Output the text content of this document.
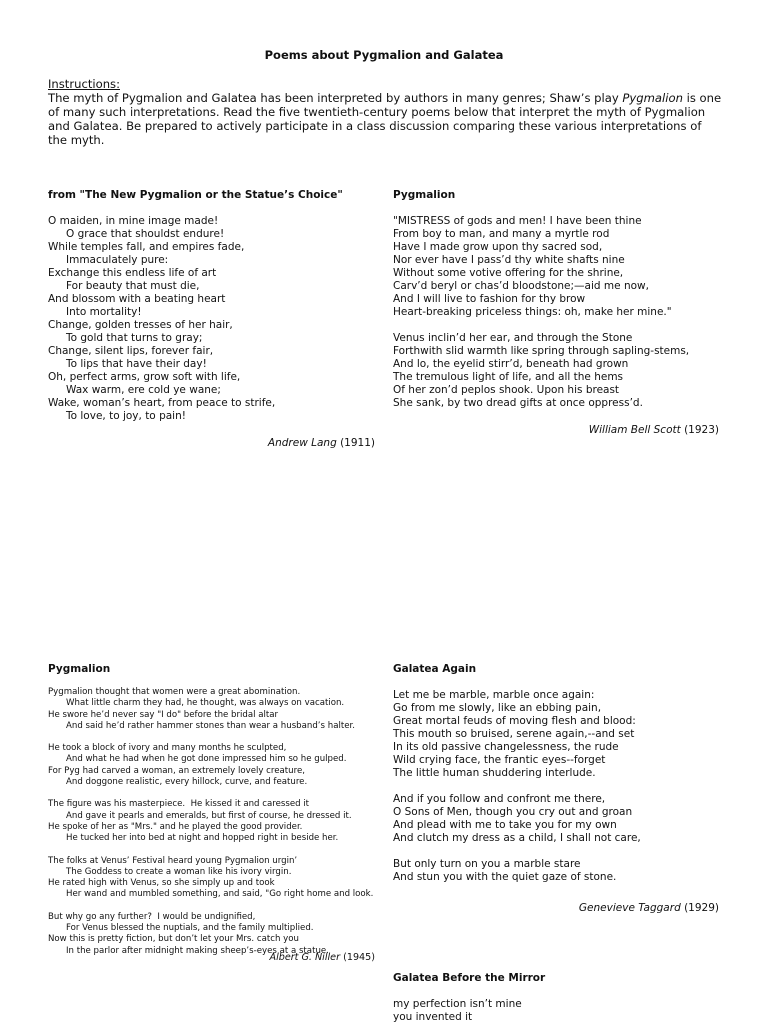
Poems about Pygmalion and Galatea
Instructions:
The myth of Pygmalion and Galatea has been interpreted by authors in many genres; Shaw’s play Pygmalion is one of many such interpretations. Read the five twentieth-century poems below that interpret the myth of Pygmalion and Galatea. Be prepared to actively participate in a class discussion comparing these various interpretations of the myth.
from "The New Pygmalion or the Statue’s Choice"
O maiden, in mine image made!
O grace that shouldst endure!
While temples fall, and empires fade,
Immaculately pure:
Exchange this endless life of art
For beauty that must die,
And blossom with a beating heart
Into mortality!
Change, golden tresses of her hair,
To gold that turns to gray;
Change, silent lips, forever fair,
To lips that have their day!
Oh, perfect arms, grow soft with life,
Wax warm, ere cold ye wane;
Wake, woman’s heart, from peace to strife,
To love, to joy, to pain!
Andrew Lang (1911)
Pygmalion
"MISTRESS of gods and men! I have been thine
From boy to man, and many a myrtle rod
Have I made grow upon thy sacred sod,
Nor ever have I pass’d thy white shafts nine
Without some votive offering for the shrine,
Carv’d beryl or chas’d bloodstone;—aid me now,
And I will live to fashion for thy brow
Heart-breaking priceless things: oh, make her mine."
Venus inclin’d her ear, and through the Stone
Forthwith slid warmth like spring through sapling-stems,
And lo, the eyelid stirr’d, beneath had grown
The tremulous light of life, and all the hems
Of her zon’d peplos shook. Upon his breast
She sank, by two dread gifts at once oppress’d.
William Bell Scott (1923)
Pygmalion
Pygmalion thought that women were a great abomination.
What little charm they had, he thought, was always on vacation.
He swore he’d never say "I do" before the bridal altar
And said he’d rather hammer stones than wear a husband’s halter.
He took a block of ivory and many months he sculpted,
And what he had when he got done impressed him so he gulped.
For Pyg had carved a woman, an extremely lovely creature,
And doggone realistic, every hillock, curve, and feature.
The figure was his masterpiece.  He kissed it and caressed it
And gave it pearls and emeralds, but first of course, he dressed it.
He spoke of her as "Mrs." and he played the good provider.
He tucked her into bed at night and hopped right in beside her.
The folks at Venus’ Festival heard young Pygmalion urgin’
The Goddess to create a woman like his ivory virgin.
He rated high with Venus, so she simply up and took
Her wand and mumbled something, and said, "Go right home and look.
But why go any further?  I would be undignified,
For Venus blessed the nuptials, and the family multiplied.
Now this is pretty fiction, but don’t let your Mrs. catch you
In the parlor after midnight making sheep’s-eyes at a statue.
Albert G. Niller (1945)
Galatea Again
Let me be marble, marble once again:
Go from me slowly, like an ebbing pain,
Great mortal feuds of moving flesh and blood:
This mouth so bruised, serene again,--and set
In its old passive changelessness, the rude
Wild crying face, the frantic eyes--forget
The little human shuddering interlude.
And if you follow and confront me there,
O Sons of Men, though you cry out and groan
And plead with me to take you for my own
And clutch my dress as a child, I shall not care,
But only turn on you a marble stare
And stun you with the quiet gaze of stone.
Genevieve Taggard (1929)
Galatea Before the Mirror
my perfection isn’t mine
you invented it
